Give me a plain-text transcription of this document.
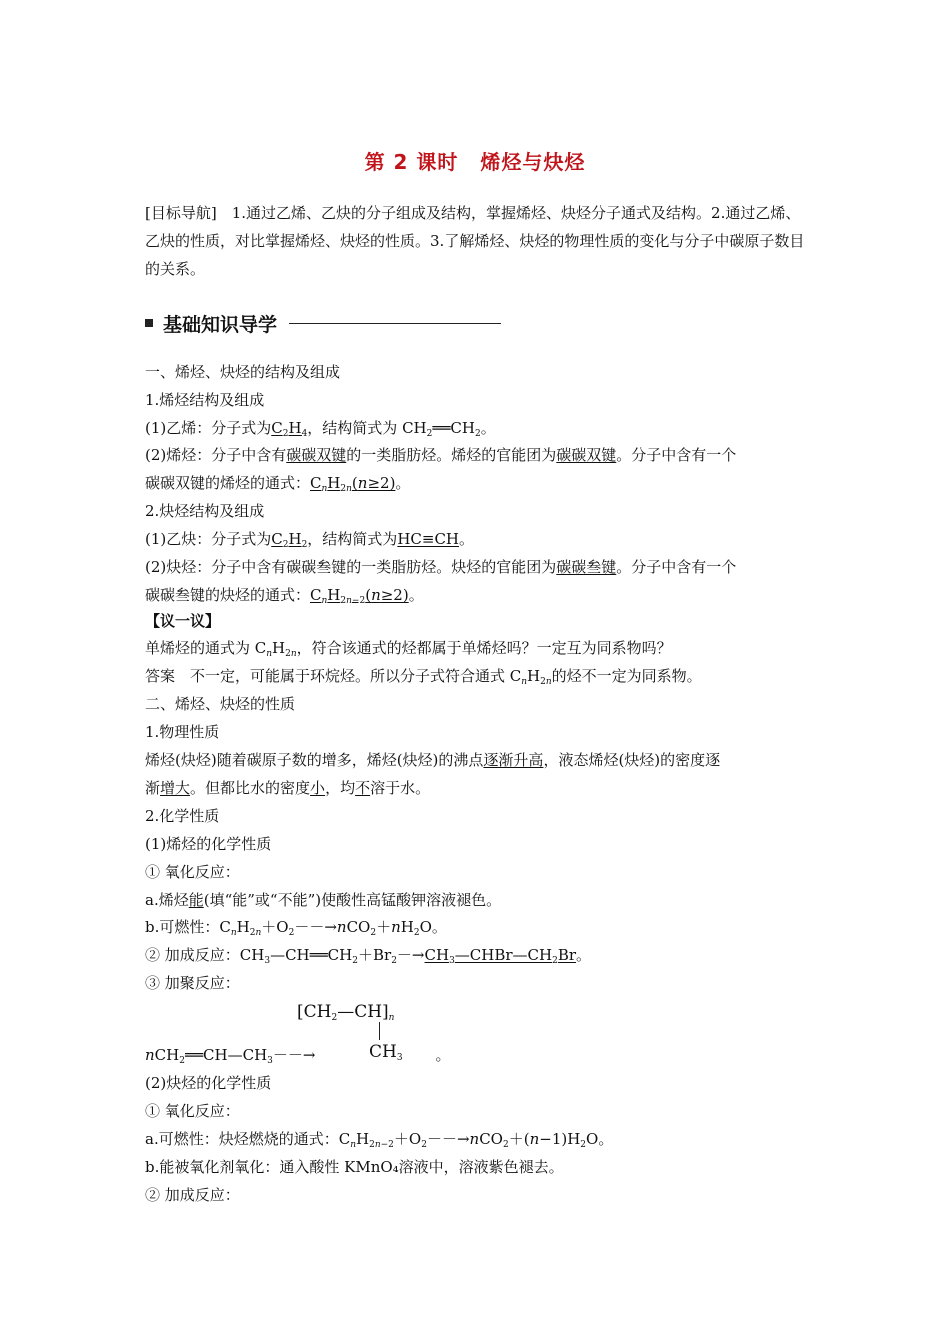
第 2 课时 烯烃与炔烃
[目标导航]　 1.通过乙烯、乙炔的分子组成及结构，掌握烯烃、炔烃分子通式及结构。2.通过乙烯、乙炔的性质，对比掌握烯烃、炔烃的性质。3.了解烯烃、炔烃的物理性质的变化与分子中碳原子数目的关系。
基础知识导学
一、烯烃、炔烃的结构及组成
1.烯烃结构及组成
(1)乙烯：分子式为$C_2H_4$，结构简式为 $CH_2══CH_2$。
(2)烯烃：分子中含有碳碳双键的一类脂肪烃。烯烃的官能团为碳碳双键。分子中含有一个
碳碳双键的烯烃的通式：$C_nH_{2n}(n\ge 2)$。
2.炔烃结构及组成
(1)乙炔：分子式为$C_2H_2$，结构简式为HC≡CH。
(2)炔烃：分子中含有碳碳叁键的一类脂肪烃。炔烃的官能团为碳碳叁键。分子中含有一个
碳碳叁键的炔烃的通式：$C_nH_{2n-2}(n\ge 2)$。
【议一议】
单烯烃的通式为 $C_nH_{2n}$，符合该通式的烃都属于单烯烃吗？一定互为同系物吗？
答案　不一定，可能属于环烷烃。所以分子式符合通式 $C_nH_{2n}$的烃不一定为同系物。
二、烯烃、炔烃的性质
1.物理性质
烯烃(炔烃)随着碳原子数的增多，烯烃(炔烃)的沸点逐渐升高，液态烯烃(炔烃)的密度逐
渐增大。但都比水的密度小，均不溶于水。
2.化学性质
(1)烯烃的化学性质
① 氧化反应：
a.烯烃能(填“能”或“不能”)使酸性高锰酸钾溶液褪色。
b.可燃性：$C_nH_{2n}+O_2--\to nCO_2+nH_2O$。
② 加成反应：$CH_3—CH══CH_2+Br_2-\to CH_3—CHBr—CH_2Br$。
③ 加聚反应：
$[CH_2—CH]_n$
$CH_3$
$nCH_2══CH—CH_3--\to$	。
(2)炔烃的化学性质
① 氧化反应：
a.可燃性：炔烃燃烧的通式：$C_nH_{2n-2}+O_2--\to nCO_2+(n-1)H_2O$。
b.能被氧化剂氧化：通入酸性 KMnO₄溶液中，溶液紫色褪去。
② 加成反应：
